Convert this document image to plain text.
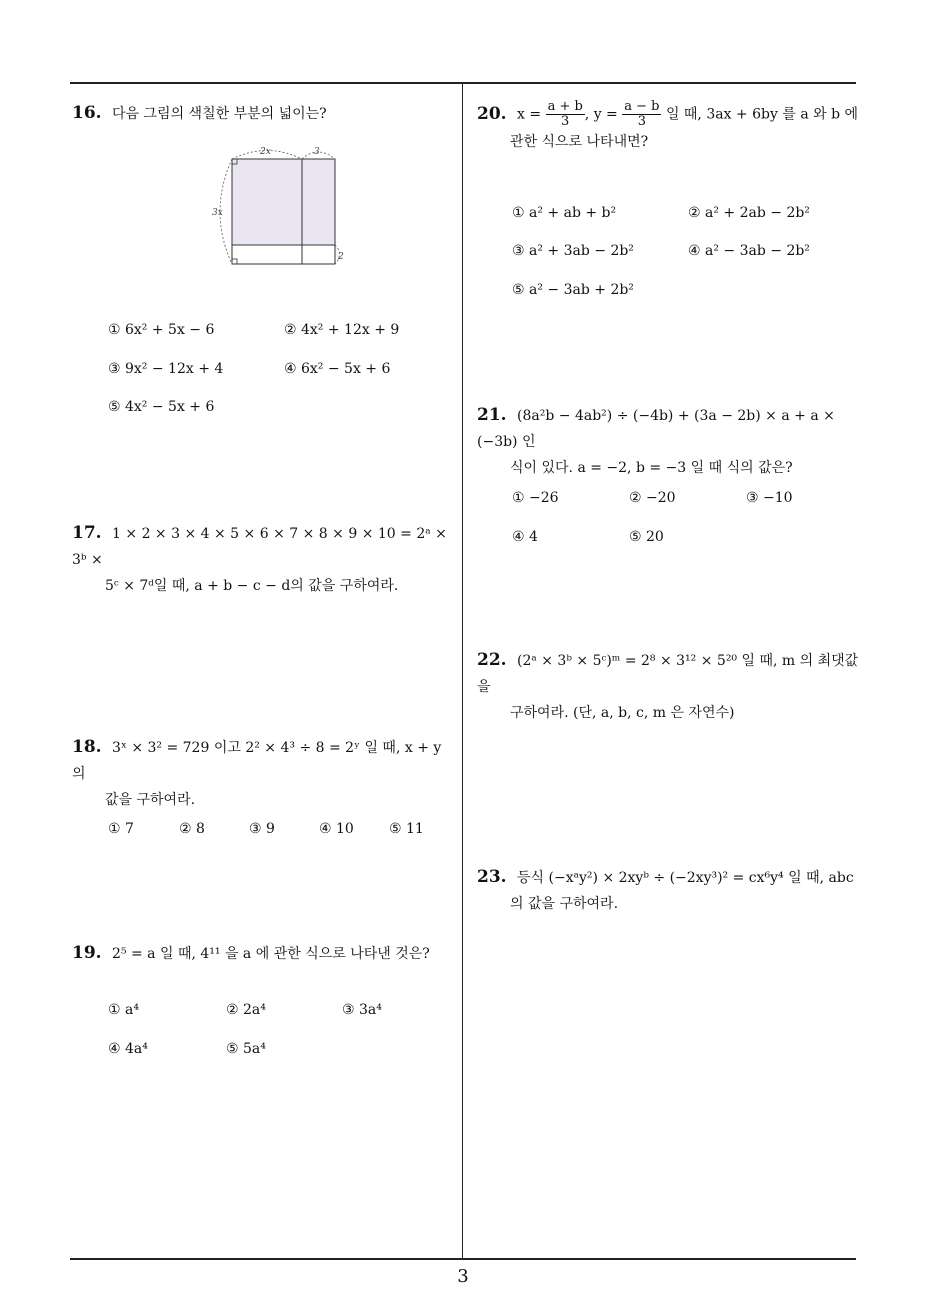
16. 다음 그림의 색칠한 부분의 넓이는?
2x	3
3x
2
① 6x² + 5x − 6	② 4x² + 12x + 9
③ 9x² − 12x + 4	④ 6x² − 5x + 6
⑤ 4x² − 5x + 6
17. 1 × 2 × 3 × 4 × 5 × 6 × 7 × 8 × 9 × 10 = 2ᵃ × 3ᵇ ×
5ᶜ × 7ᵈ일 때, a + b − c − d의 값을 구하여라.
18. 3ˣ × 3² = 729 이고 2² × 4³ ÷ 8 = 2ʸ 일 때, x + y 의
값을 구하여라.
① 7	② 8	③ 9	④ 10	⑤ 11
19. 2⁵ = a 일 때, 4¹¹ 을 a 에 관한 식으로 나타낸 것은?
① a⁴	② 2a⁴	③ 3a⁴
④ 4a⁴	⑤ 5a⁴
20. $x = \frac{a + b}{3}$ , $y = \frac{a - b}{3}$ 일 때, 3ax + 6by 를 a 와 b 에
관한 식으로 나타내면?
① a² + ab + b²	② a² + 2ab − 2b²
③ a² + 3ab − 2b²	④ a² − 3ab − 2b²
⑤ a² − 3ab + 2b²
21. (8a²b − 4ab²) ÷ (−4b) + (3a − 2b) × a + a × (−3b) 인
식이 있다. a = −2, b = −3 일 때 식의 값은?
① −26	② −20	③ −10
④ 4	⑤ 20
22. (2ᵃ × 3ᵇ × 5ᶜ)ᵐ = 2⁸ × 3¹² × 5²⁰ 일 때, m 의 최댓값을
구하여라. (단, a, b, c, m 은 자연수)
23. 등식 (−xᵃy²) × 2xyᵇ ÷ (−2xy³)² = cx⁶y⁴ 일 때, abc
의 값을 구하여라.
3
